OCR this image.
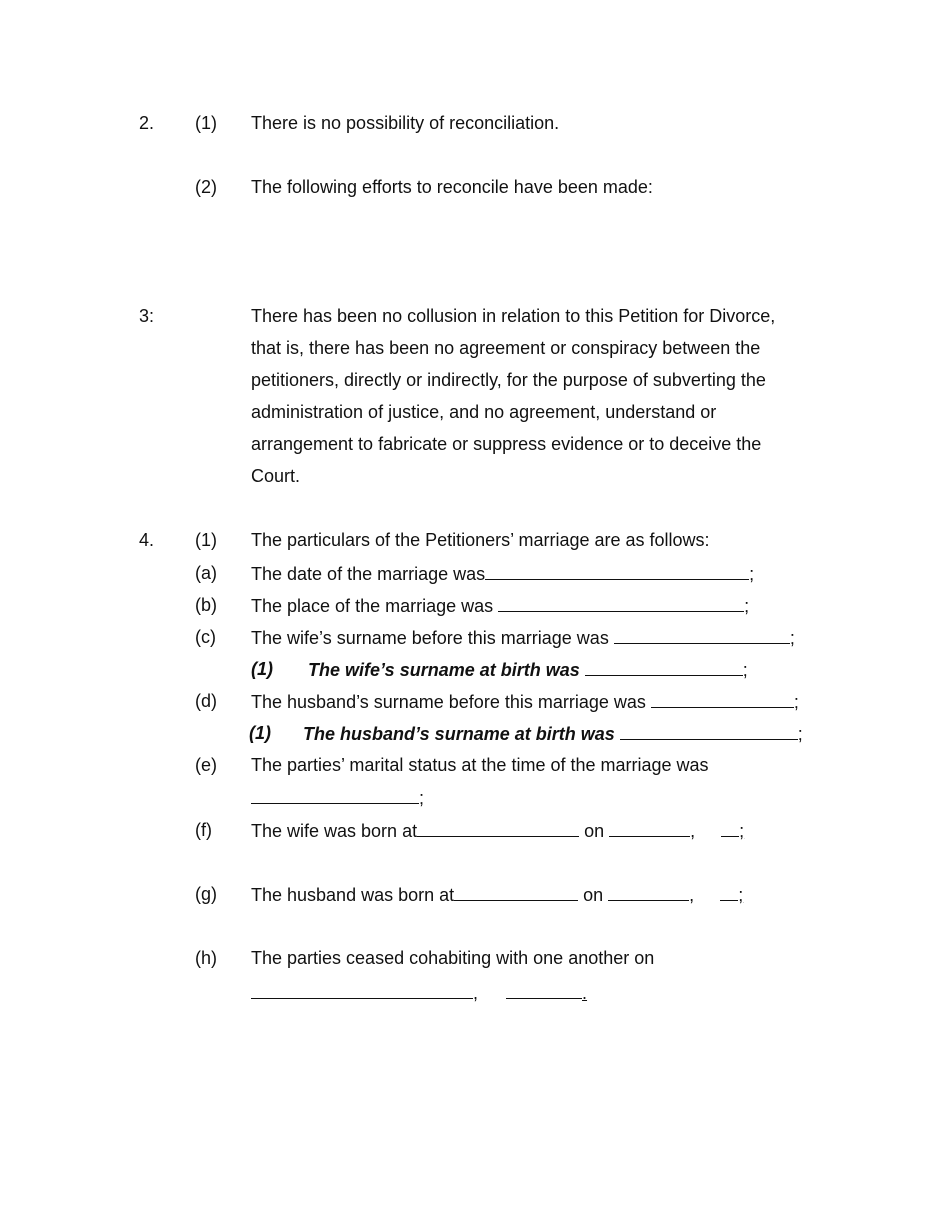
2. (1) There is no possibility of reconciliation.
(2) The following efforts to reconcile have been made:
3:	There has been no collusion in relation to this Petition for Divorce,
that is, there has been no agreement or conspiracy between the
petitioners, directly or indirectly, for the purpose of subverting the
administration of justice, and no agreement, understand or
arrangement to fabricate or suppress evidence or to deceive the
Court.
4. (1) The particulars of the Petitioners’ marriage are as follows:
(a) The date of the marriage was	;
(b) The place of the marriage was	;
(c) The wife’s surname before this marriage was	;
(1) The wife’s surname at birth was	;
(d) The husband’s surname before this marriage was	;
(1) The husband’s surname at birth was	;
(e) The parties’ marital status at the time of the marriage was
;
(f) The wife was born at	on	, ;
(g) The husband was born at	on	, ;
(h) The parties ceased cohabiting with one another on
,	.
